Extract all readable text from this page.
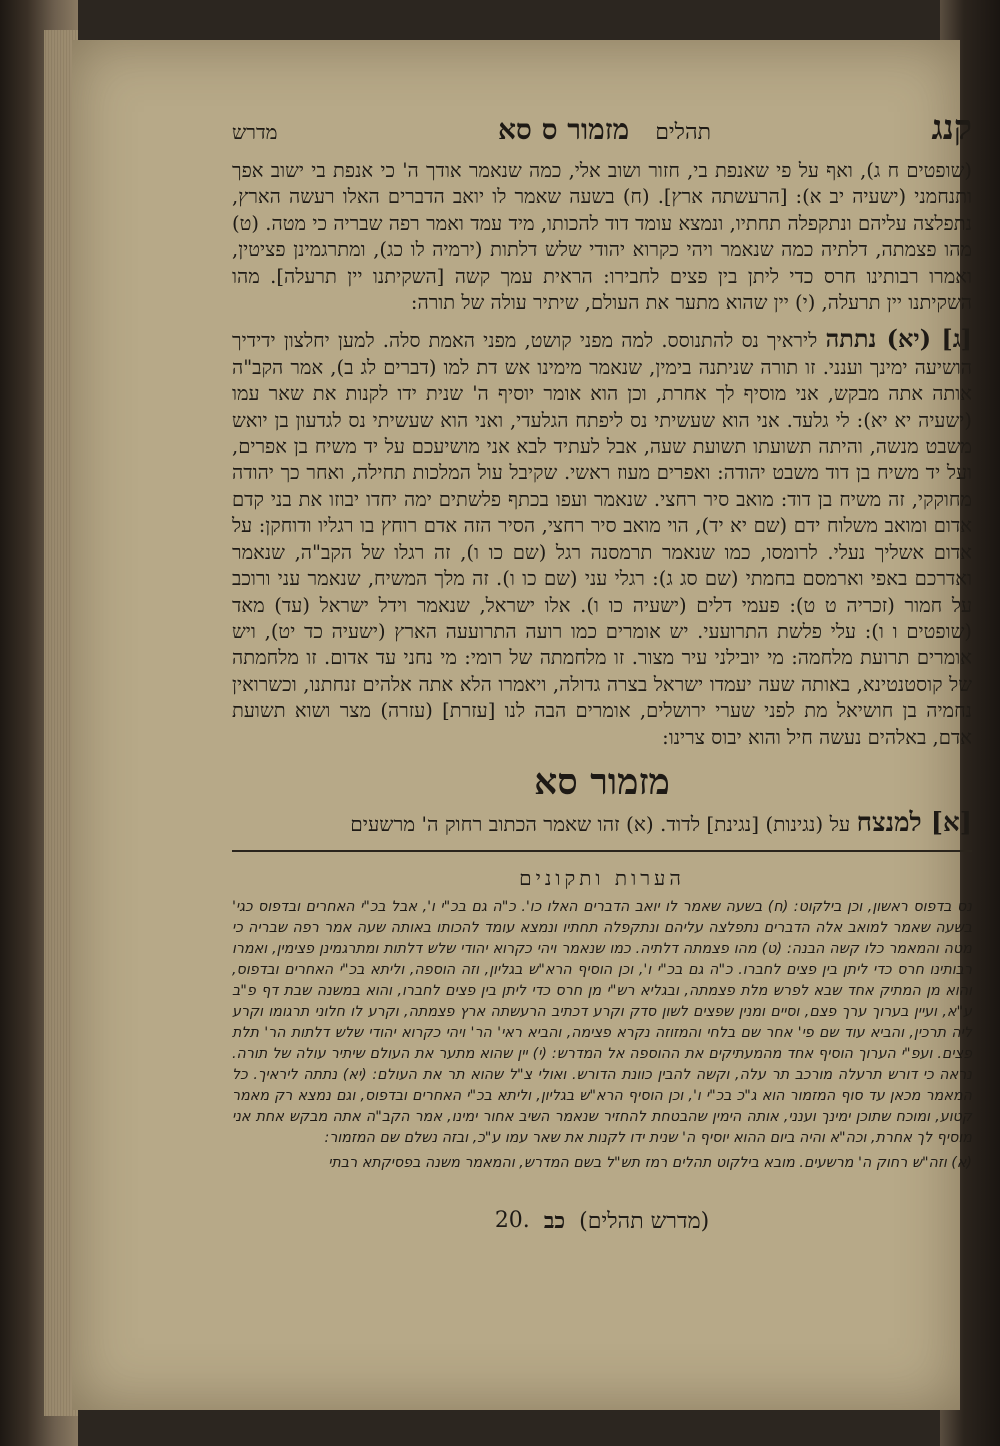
קנג
תהלים
מזמור ס סא
מדרש

(שופטים ח ג), ואף על פי שאנפת בי, חזור ושוב אלי, כמה שנאמר אודך ה' כי אנפת בי ישוב אפך ותנחמני (ישעיה יב א): [הרעשתה ארץ]. (ח) בשעה שאמר לו יואב הדברים האלו רעשה הארץ, נתפלצה עליהם ונתקפלה תחתיו, ונמצא עומד דוד להכותו, מיד עמד ואמר רפה שבריה כי מטה. (ט) מהו פצמתה, דלתיה כמה שנאמר ויהי כקרוא יהודי שלש דלתות (ירמיה לו כג), ומתרגמינן פציטין, ואמרו רבותינו חרס כדי ליתן בין פצים לחבירו: הראית עמך קשה [השקיתנו יין תרעלה]. מהו השקיתנו יין תרעלה, (י) יין שהוא מתער את העולם, שיתיר עולה של תורה:

[ג] (יא) נתתה ליראיך נס להתנוסס. למה מפני קושט, מפני האמת סלה. למען יחלצון ידידיך הושיעה ימינך וענני. זו תורה שניתנה בימין, שנאמר מימינו אש דת למו (דברים לג ב), אמר הקב"ה אותה אתה מבקש, אני מוסיף לך אחרת, וכן הוא אומר יוסיף ה' שנית ידו לקנות את שאר עמו (ישעיה יא יא): לי גלעד. אני הוא שעשיתי נס ליפתח הגלעדי, ואני הוא שעשיתי נס לגדעון בן יואש משבט מנשה, והיתה תשועתו תשועת שעה, אבל לעתיד לבא אני מושיעכם על יד משיח בן אפרים, ועל יד משיח בן דוד משבט יהודה: ואפרים מעוז ראשי. שקיבל עול המלכות תחילה, ואחר כך יהודה מחוקקי, זה משיח בן דוד: מואב סיר רחצי. שנאמר ועפו בכתף פלשתים ימה יחדו יבוזו את בני קדם אדום ומואב משלוח ידם (שם יא יד), הוי מואב סיר רחצי, הסיר הזה אדם רוחץ בו רגליו ודוחקן: על אדום אשליך נעלי. לרומסו, כמו שנאמר תרמסנה רגל (שם כו ו), זה רגלו של הקב"ה, שנאמר ואדרכם באפי וארמסם בחמתי (שם סג ג): רגלי עני (שם כו ו). זה מלך המשיח, שנאמר עני ורוכב על חמור (זכריה ט ט): פעמי דלים (ישעיה כו ו). אלו ישראל, שנאמר וידל ישראל (עד) מאד (שופטים ו ו): עלי פלשת התרועעי. יש אומרים כמו רועה התרועעה הארץ (ישעיה כד יט), ויש אומרים תרועת מלחמה: מי יובילני עיר מצור. זו מלחמתה של רומי: מי נחני עד אדום. זו מלחמתה של קוסטנטינא, באותה שעה יעמדו ישראל בצרה גדולה, ויאמרו הלא אתה אלהים זנחתנו, וכשרואין נחמיה בן חושיאל מת לפני שערי ירושלים, אומרים הבה לנו [עזרת] (עזרה) מצר ושוא תשועת אדם, באלהים נעשה חיל והוא יבוס צרינו:

מזמור סא

[א] למנצח על (נגינות) [נגינת] לדוד. (א) זהו שאמר הכתוב רחוק ה' מרשעים

הערות ותקונים

נס בדפוס ראשון, וכן בילקוט: (ח) בשעה שאמר לו יואב הדברים האלו כו'. כ"ה גם בכ"י ו', אבל בכ"י האחרים ובדפוס כגי' בשעה שאמר למואב אלה הדברים נתפלצה עליהם ונתקפלה תחתיו ונמצא עומד להכותו באותה שעה אמר רפה שבריה כי מטה והמאמר כלו קשה הבנה: (ט) מהו פצמתה דלתיה. כמו שנאמר ויהי כקרוא יהודי שלש דלתות ומתרגמינן פצימין, ואמרו רבותינו חרס כדי ליתן בין פצים לחברו. כ"ה גם בכ"י ו', וכן הוסיף הרא"ש בגליון, וזה הוספה, וליתא בכ"י האחרים ובדפוס, והוא מן המתיק אחד שבא לפרש מלת פצמתה, ובגליא רש"י מן חרס כדי ליתן בין פצים לחברו, והוא במשנה שבת דף פ"ב ע"א, ועיין בערוך ערך פצם, וסיים ומנין שפצים לשון סדק וקרע דכתיב הרעשתה ארץ פצמתה, וקרע לו חלוני תרגומו וקרע ליה תרכין, והביא עוד שם פי' אחר שם בלחי והמזוזה נקרא פצימה, והביא ראי' הר' ויהי כקרוא יהודי שלש דלתות הר' תלת פצים. ועפ"י הערוך הוסיף אחד מהמעתיקים את ההוספה אל המדרש: (י) יין שהוא מתער את העולם שיתיר עולה של תורה. נראה כי דורש תרעלה מורכב תר עלה, וקשה להבין כוונת הדורש. ואולי צ"ל שהוא תר את העולם: (יא) נתתה ליראיך. כל המאמר מכאן עד סוף המזמור הוא ג"כ בכ"י ו', וכן הוסיף הרא"ש בגליון, וליתא בכ"י האחרים ובדפוס, וגם נמצא רק מאמר קטוע, ומוכח שתוכן ימינך וענני, אותה הימין שהבטחת להחזיר שנאמר השיב אחור ימינו, אמר הקב"ה אתה מבקש אחת אני מוסיף לך אחרת, וכה"א והיה ביום ההוא יוסיף ה' שנית ידו לקנות את שאר עמו ע"כ, ובזה נשלם שם המזמור:

(א) וזה"ש רחוק ה' מרשעים. מובא בילקוט תהלים רמז תש"ל בשם המדרש, והמאמר משנה בפסיקתא רבתי

(מדרש תהלים)
כב
20.
